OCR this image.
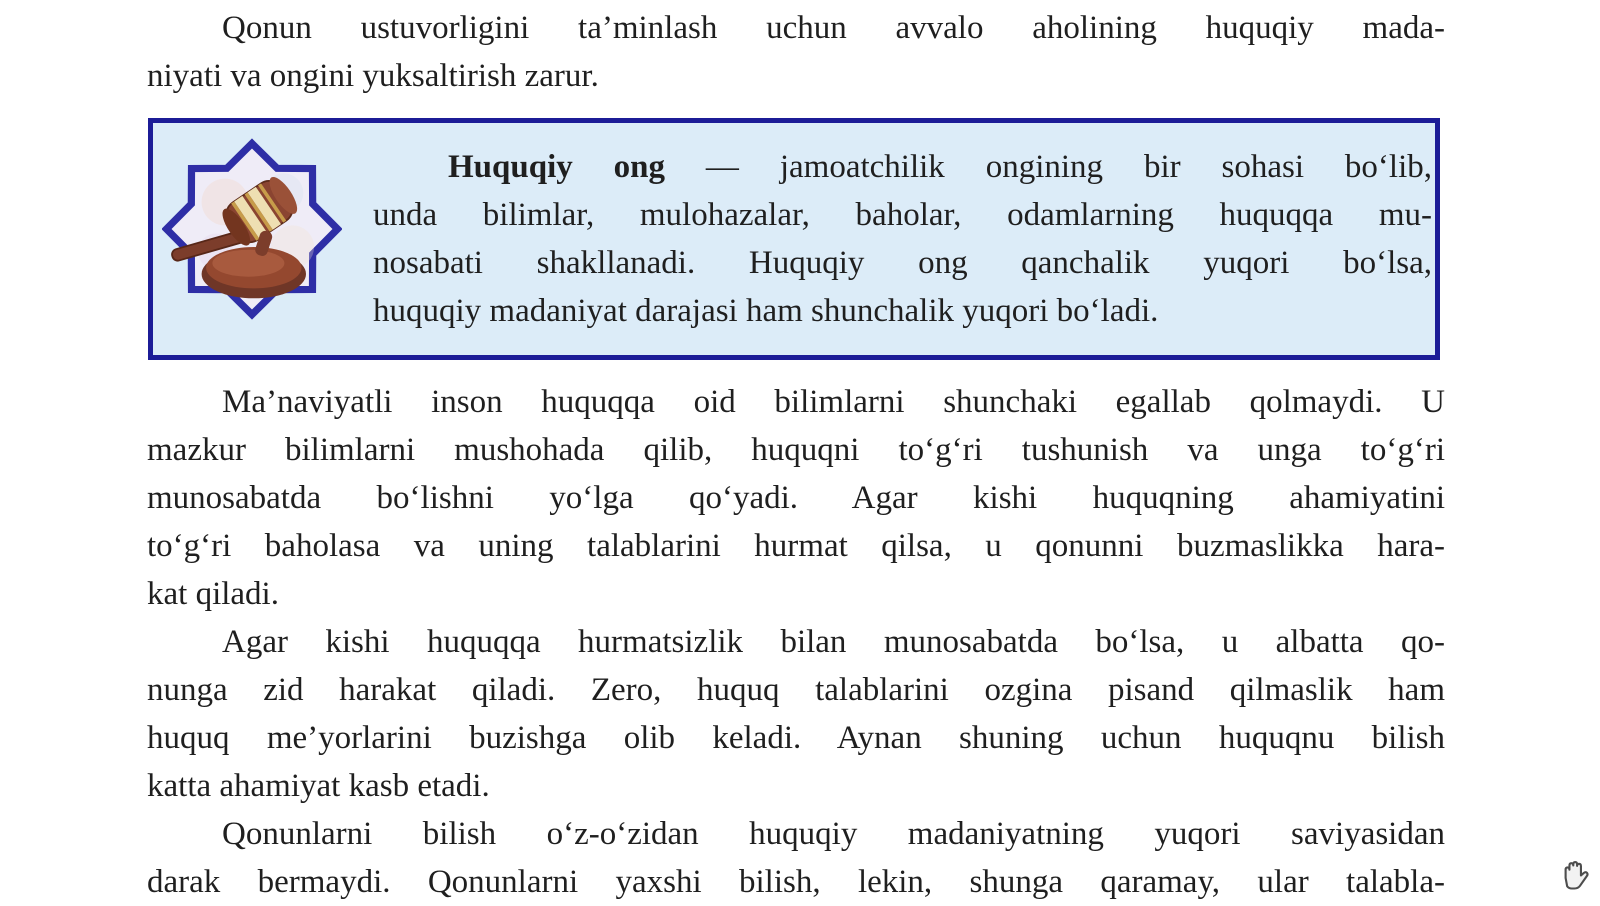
Qonun ustuvorligini ta’minlash uchun avvalo aholining huquqiy mada-
niyati va ongini yuksaltirish zarur.
Huquqiy ong — jamoatchilik ongining bir sohasi bo‘lib,
unda bilimlar, mulohazalar, baholar, odamlarning huquqqa mu-
nosabati shakllanadi. Huquqiy ong qanchalik yuqori bo‘lsa,
huquqiy madaniyat darajasi ham shunchalik yuqori bo‘ladi.
Ma’naviyatli inson huquqqa oid bilimlarni shunchaki egallab qolmaydi. U
mazkur bilimlarni mushohada qilib, huquqni to‘g‘ri tushunish va unga to‘g‘ri
munosabatda bo‘lishni yo‘lga qo‘yadi. Agar kishi huquqning ahamiyatini
to‘g‘ri baholasa va uning talablarini hurmat qilsa, u qonunni buzmaslikka hara-
kat qiladi.
Agar kishi huquqqa hurmatsizlik bilan munosabatda bo‘lsa, u albatta qo-
nunga zid harakat qiladi. Zero, huquq talablarini ozgina pisand qilmaslik ham
huquq me’yorlarini buzishga olib keladi. Aynan shuning uchun huquqnu bilish
katta ahamiyat kasb etadi.
Qonunlarni bilish o‘z-o‘zidan huquqiy madaniyatning yuqori saviyasidan
darak bermaydi. Qonunlarni yaxshi bilish, lekin, shunga qaramay, ular talabla-
